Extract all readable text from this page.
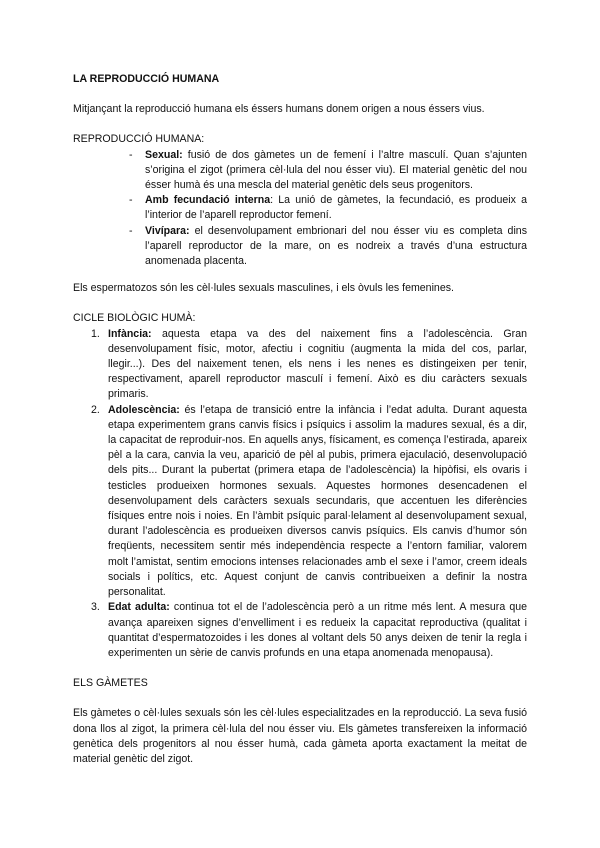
LA REPRODUCCIÓ HUMANA

Mitjançant la reproducció humana els éssers humans donem origen a nous éssers vius.

REPRODUCCIÓ HUMANA:

- Sexual: fusió de dos gàmetes un de femení i l’altre masculí. Quan s’ajunten s’origina el zigot (primera cèl·lula del nou ésser viu). El material genètic del nou ésser humà és una mescla del material genètic dels seus progenitors.
- Amb fecundació interna: La unió de gàmetes, la fecundació, es produeix a l’interior de l’aparell reproductor femení.
- Vivípara: el desenvolupament embrionari del nou ésser viu es completa dins l’aparell reproductor de la mare, on es nodreix a través d’una estructura anomenada placenta.

Els espermatozos són les cèl·lules sexuals masculines, i els òvuls les femenines.

CICLE BIOLÒGIC HUMÀ:

1. Infància: aquesta etapa va des del naixement fins a l’adolescència. Gran desenvolupament físic, motor, afectiu i cognitiu (augmenta la mida del cos, parlar, llegir...). Des del naixement tenen, els nens i les nenes es distingeixen per tenir, respectivament, aparell reproductor masculí i femení. Això es diu caràcters sexuals primaris.
2. Adolescència: és l’etapa de transició entre la infància i l’edat adulta. Durant aquesta etapa experimentem grans canvis físics i psíquics i assolim la madures sexual, és a dir, la capacitat de reproduir-nos. En aquells anys, físicament, es comença l’estirada, apareix pèl a la cara, canvia la veu, aparició de pèl al pubis, primera ejaculació, desenvolupació dels pits... Durant la pubertat (primera etapa de l’adolescència) la hipòfisi, els ovaris i testicles produeixen hormones sexuals. Aquestes hormones desencadenen el desenvolupament dels caràcters sexuals secundaris, que accentuen les diferències físiques entre nois i noies. En l’àmbit psíquic paral·lelament al desenvolupament sexual, durant l’adolescència es produeixen diversos canvis psíquics. Els canvis d’humor són freqüents, necessitem sentir més independència respecte a l’entorn familiar, valorem molt l’amistat, sentim emocions intenses relacionades amb el sexe i l’amor, creem ideals socials i polítics, etc. Aquest conjunt de canvis contribueixen a definir la nostra personalitat.
3. Edat adulta: continua tot el de l’adolescència però a un ritme més lent. A mesura que avança apareixen signes d’envelliment i es redueix la capacitat reproductiva (qualitat i quantitat d’espermatozoides i les dones al voltant dels 50 anys deixen de tenir la regla i experimenten un sèrie de canvis profunds en una etapa anomenada menopausa).

ELS GÀMETES

Els gàmetes o cèl·lules sexuals són les cèl·lules especialitzades en la reproducció. La seva fusió dona llos al zigot, la primera cèl·lula del nou ésser viu. Els gàmetes transfereixen la informació genètica dels progenitors al nou ésser humà, cada gàmeta aporta exactament la meitat de material genètic del zigot.
